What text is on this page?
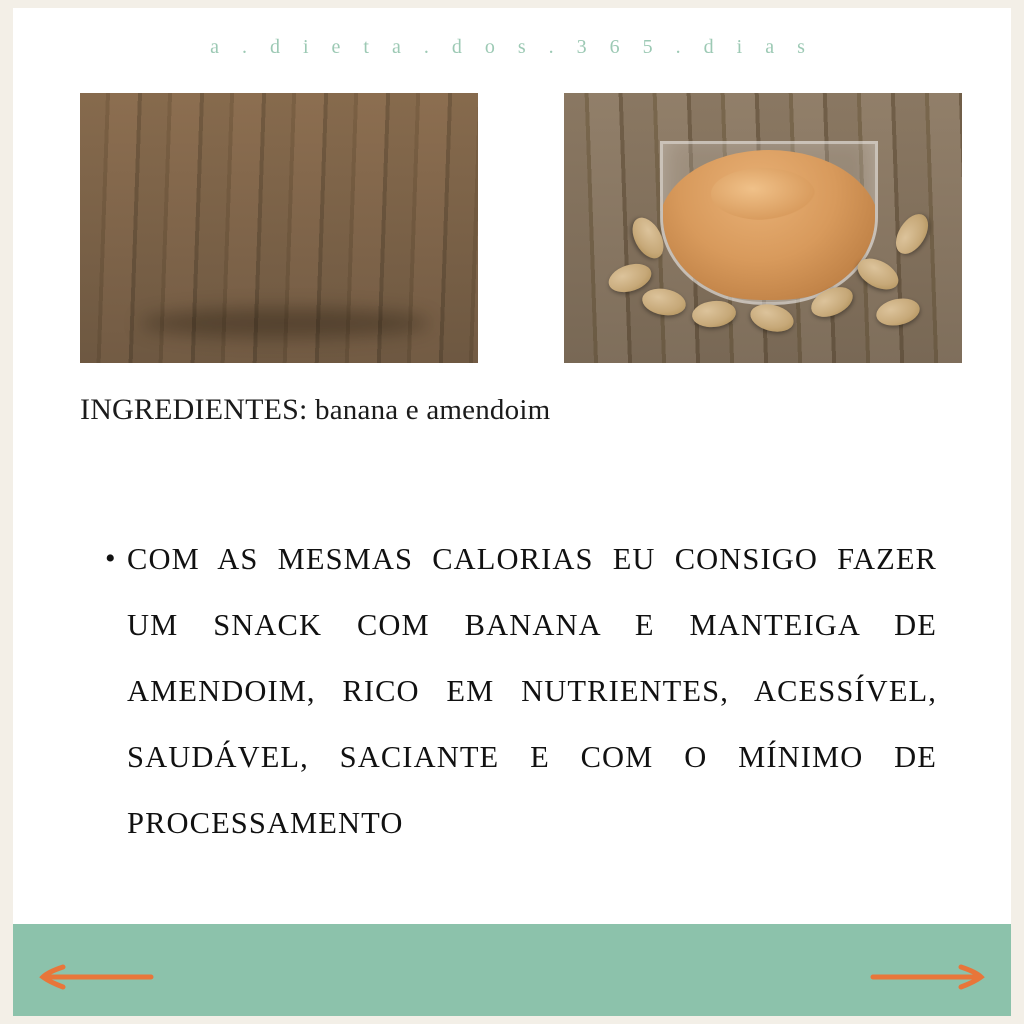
a . d i e t a . d o s . 3 6 5 . d i a s
INGREDIENTES: banana e amendoim
• COM AS MESMAS CALORIAS EU CONSIGO FAZER UM SNACK COM BANANA E MANTEIGA DE AMENDOIM, RICO EM NUTRIENTES, ACESSÍVEL, SAUDÁVEL, SACIANTE E COM O MÍNIMO DE PROCESSAMENTO
